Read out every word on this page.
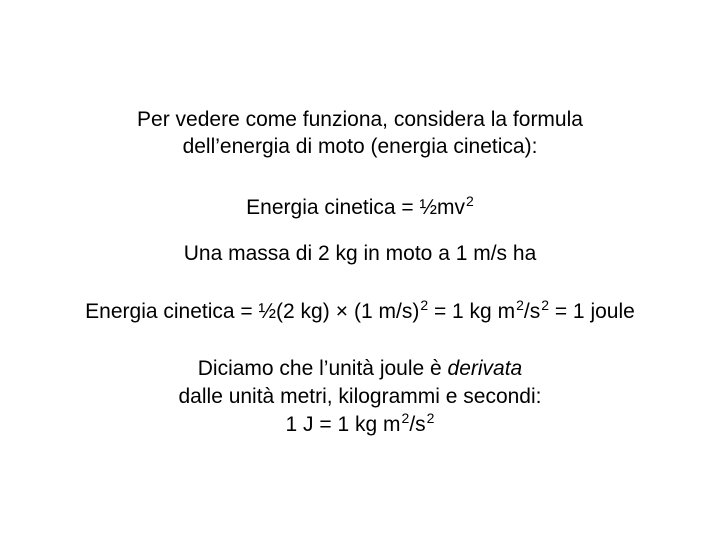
Per vedere come funziona, considera la formula
dell’energia di moto (energia cinetica):
Energia cinetica = $\frac{1}{2}mv^2$
Una massa di 2 kg in moto a 1 m/s ha
Energia cinetica = ½(2 kg) × (1 m/s)$^2$ = 1 kg $m^2/s^2 = 1$ joule
Diciamo che l’unità joule è derivata
dalle unità metri, kilogrammi e secondi:
1 J = 1 kg $m^2/s^2$
